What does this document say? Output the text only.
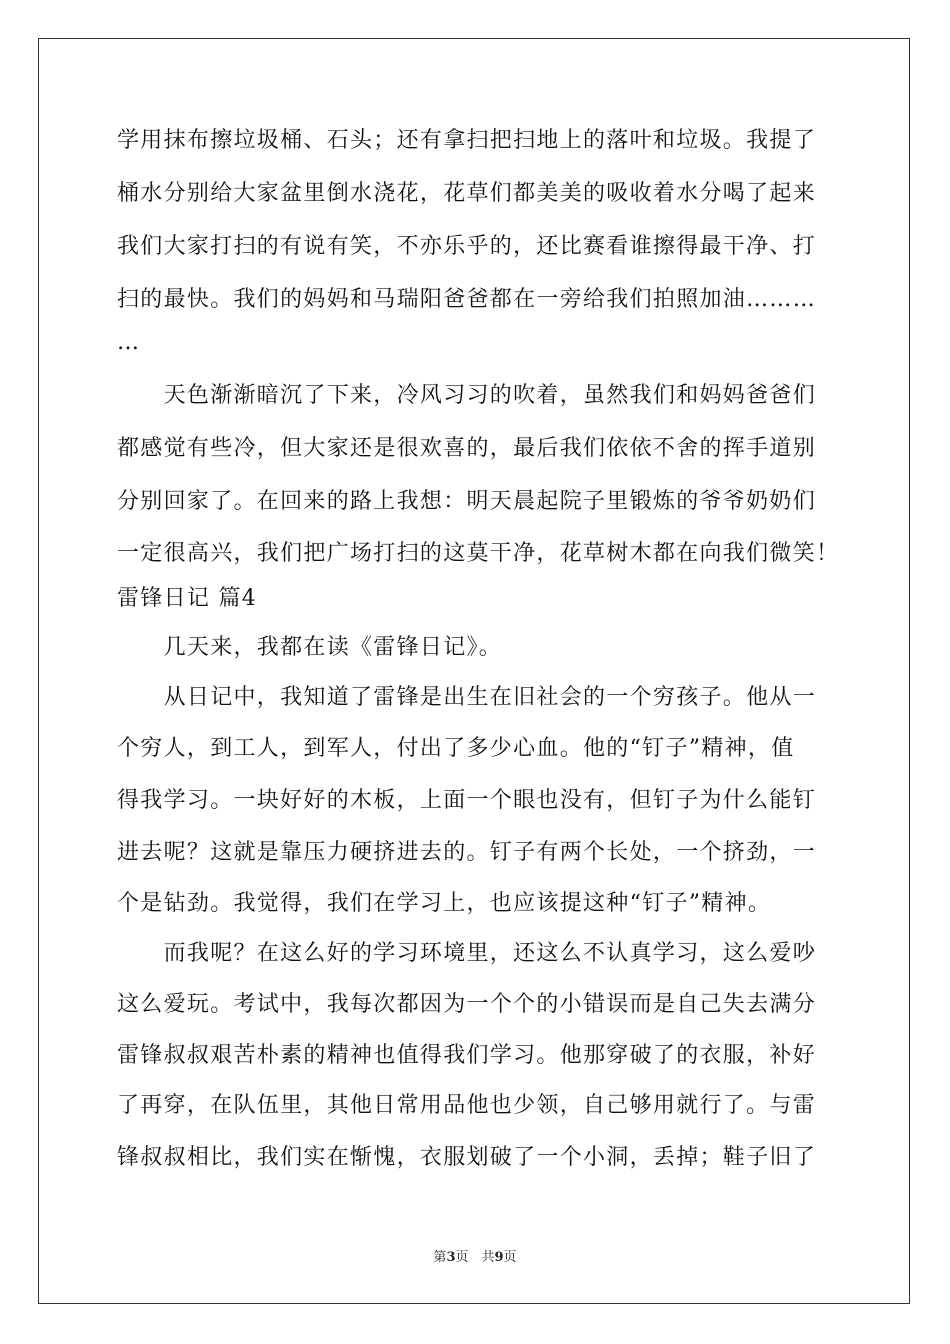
学用抹布擦垃圾桶、石头；还有拿扫把扫地上的落叶和垃圾。我提了
桶水分别给大家盆里倒水浇花，花草们都美美的吸收着水分喝了起来
我们大家打扫的有说有笑，不亦乐乎的，还比赛看谁擦得最干净、打
扫的最快。我们的妈妈和马瑞阳爸爸都在一旁给我们拍照加油………
…
　　天色渐渐暗沉了下来，冷风习习的吹着，虽然我们和妈妈爸爸们
都感觉有些冷，但大家还是很欢喜的，最后我们依依不舍的挥手道别
分别回家了。在回来的路上我想：明天晨起院子里锻炼的爷爷奶奶们
一定很高兴，我们把广场打扫的这莫干净，花草树木都在向我们微笑！
雷锋日记 篇4
　　几天来，我都在读《雷锋日记》。
　　从日记中，我知道了雷锋是出生在旧社会的一个穷孩子。他从一
个穷人，到工人，到军人，付出了多少心血。他的“钉子”精神，值
得我学习。一块好好的木板，上面一个眼也没有，但钉子为什么能钉
进去呢？这就是靠压力硬挤进去的。钉子有两个长处，一个挤劲，一
个是钻劲。我觉得，我们在学习上，也应该提这种“钉子”精神。
　　而我呢？在这么好的学习环境里，还这么不认真学习，这么爱吵
这么爱玩。考试中，我每次都因为一个个的小错误而是自己失去满分
雷锋叔叔艰苦朴素的精神也值得我们学习。他那穿破了的衣服，补好
了再穿，在队伍里，其他日常用品他也少领，自己够用就行了。与雷
锋叔叔相比，我们实在惭愧，衣服划破了一个小洞，丢掉；鞋子旧了
第3页　共9页
